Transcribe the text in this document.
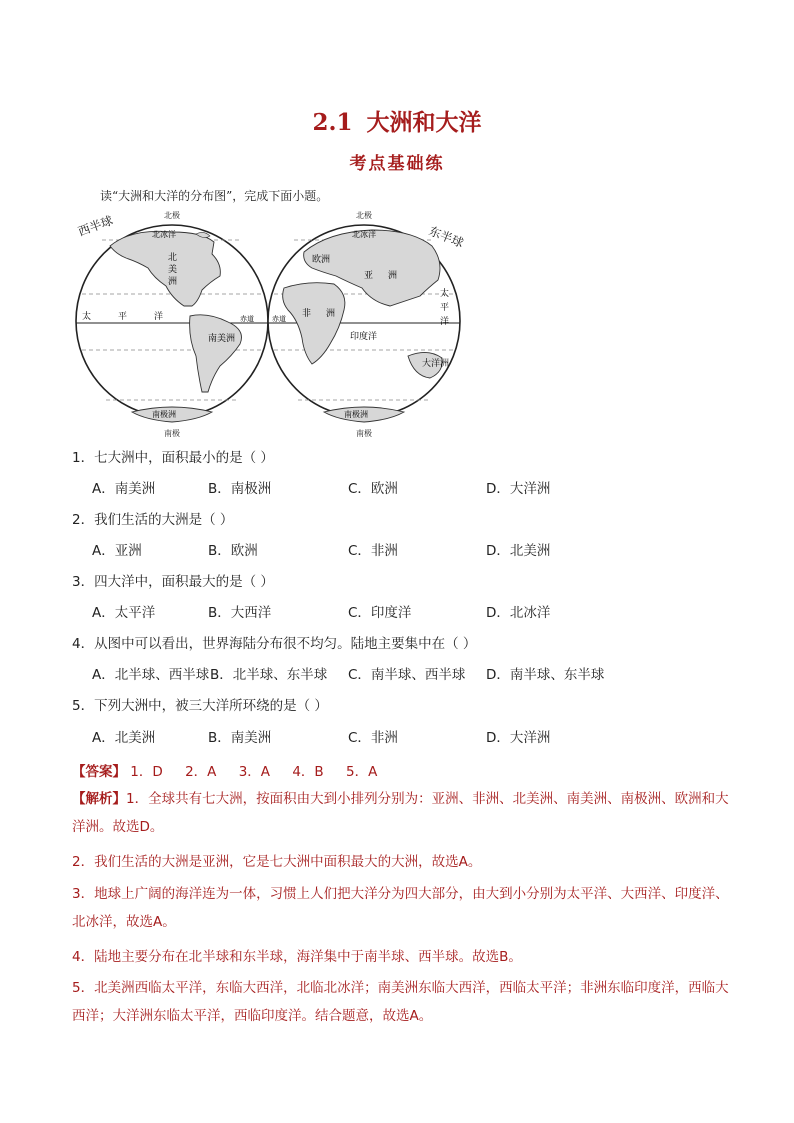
2.1 大洲和大洋
考点基础练
读“大洲和大洋的分布图”，完成下面小题。
北极
南极
西半球	北冰洋
北
美
洲
太	平	洋
南美洲
南极洲
赤道
北极
南极
东半球
北冰洋
欧洲
亚 洲
非 洲
印度洋
太
平
洋
大洋洲
南极洲
赤道
1．七大洲中，面积最小的是（ ）
A．南美洲	B．南极洲	C．欧洲	D．大洋洲
2．我们生活的大洲是（ ）
A．亚洲	B．欧洲	C．非洲	D．北美洲
3．四大洋中，面积最大的是（ ）
A．太平洋	B．大西洋	C．印度洋	D．北冰洋
4．从图中可以看出，世界海陆分布很不均匀。陆地主要集中在（ ）
A．北半球、西半球 B．北半球、东半球 C．南半球、西半球 D．南半球、东半球
5．下列大洲中，被三大洋所环绕的是（ ）
A．北美洲	B．南美洲	C．非洲	D．大洋洲
【答案】 1．D 2．A 3．A 4．B 5．A
【解析】1．全球共有七大洲，按面积由大到小排列分别为：亚洲、非洲、北美洲、南美洲、南极洲、欧洲和大洋洲。故选D。
2．我们生活的大洲是亚洲，它是七大洲中面积最大的大洲，故选A。
3．地球上广阔的海洋连为一体，习惯上人们把大洋分为四大部分，由大到小分别为太平洋、大西洋、印度洋、北冰洋，故选A。
4．陆地主要分布在北半球和东半球，海洋集中于南半球、西半球。故选B。
5．北美洲西临太平洋，东临大西洋，北临北冰洋；南美洲东临大西洋，西临太平洋；非洲东临印度洋，西临大西洋；大洋洲东临太平洋，西临印度洋。结合题意，故选A。
